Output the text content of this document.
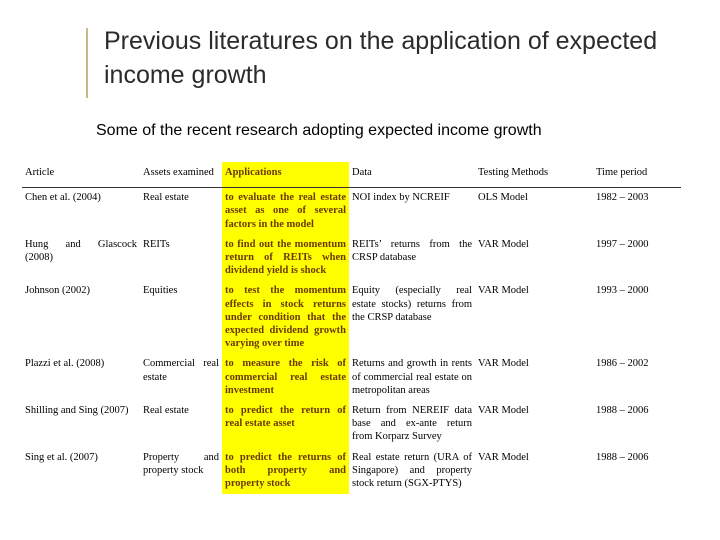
Previous literatures on the application of expected income growth
Some of the recent research adopting expected income growth
Article	Assets examined	Applications	Data	Testing Methods	Time period
Chen et al. (2004)	Real estate	to evaluate the real estate asset as one of several factors in the model	NOI index by NCREIF	OLS Model	1982 – 2003
Hung and Glascock (2008)	REITs	to find out the momentum return of REITs when dividend yield is shock	REITs’ returns from the CRSP database	VAR Model	1997 – 2000
Johnson (2002)	Equities	to test the momentum effects in stock returns under condition that the expected dividend growth varying over time	Equity (especially real estate stocks) returns from the CRSP database	VAR Model	1993 – 2000
Plazzi et al. (2008)	Commercial real estate	to measure the risk of commercial real estate investment	Returns and growth in rents of commercial real estate on metropolitan areas	VAR Model	1986 – 2002
Shilling and Sing (2007)	Real estate	to predict the return of real estate asset	Return from NEREIF data base and ex-ante return from Korparz Survey	VAR Model	1988 – 2006
Sing et al. (2007)	Property and property stock	to predict the returns of both property and property stock	Real estate return (URA of Singapore) and property stock return (SGX-PTYS)	VAR Model	1988 – 2006
